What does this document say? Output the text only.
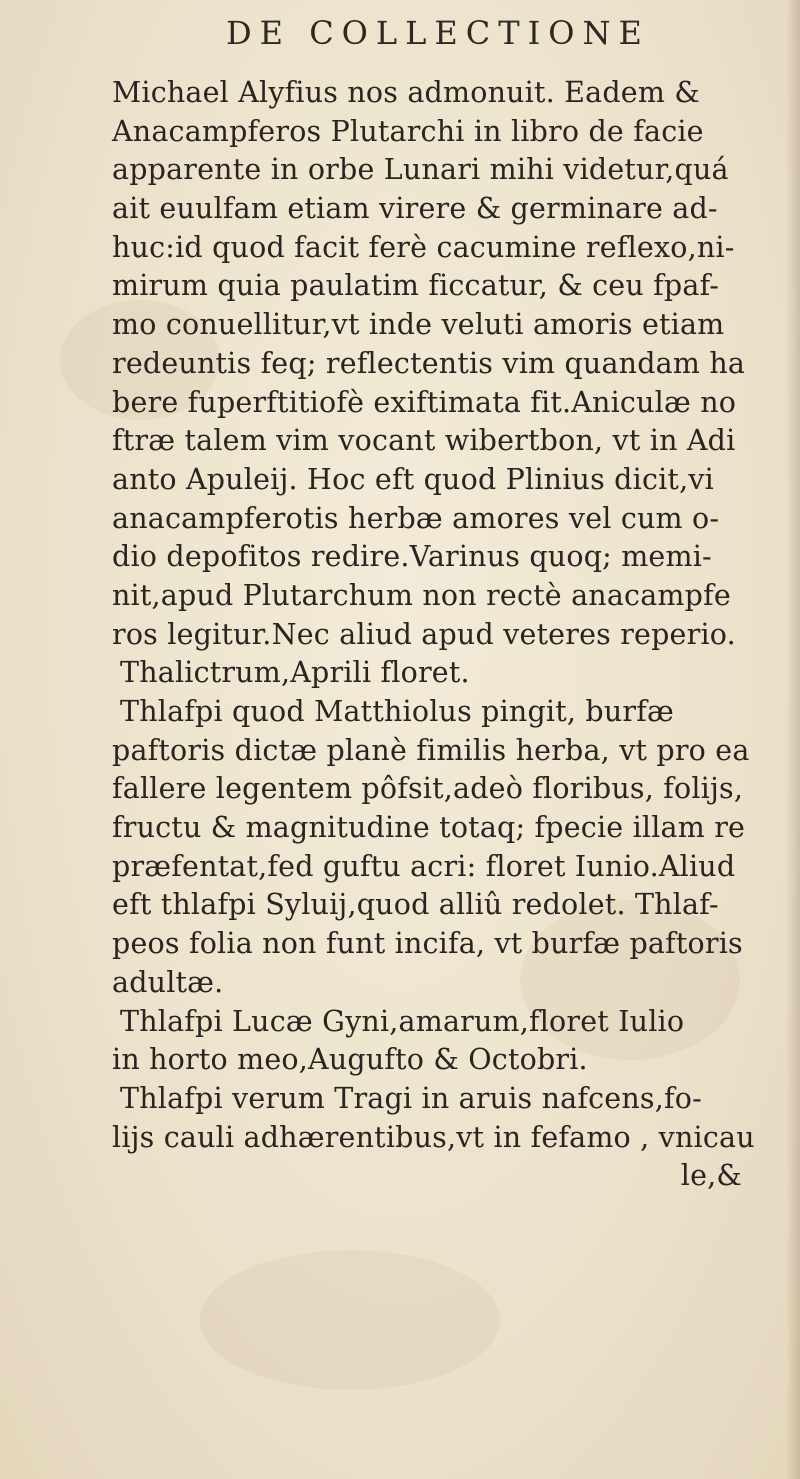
DE COLLECTIONE
Michael Alyfius nos admonuit. Eadem &
Anacampferos Plutarchi in libro de facie
apparente in orbe Lunari mihi videtur,quá
ait euulfam etiam virere & germinare ad-
huc:id quod facit ferè cacumine reflexo,ni-
mirum quia paulatim ficcatur, & ceu fpaf-
mo conuellitur,vt inde veluti amoris etiam
redeuntis feq; reflectentis vim quandam ha
bere fuperftitiofè exiftimata fit.Aniculæ no
ftræ talem vim vocant wibertbon, vt in Adi
anto Apuleij. Hoc eft quod Plinius dicit,vi
anacampferotis herbæ amores vel cum o-
dio depofitos redire.Varinus quoq; memi-
nit,apud Plutarchum non rectè anacampfe
ros legitur.Nec aliud apud veteres reperio.
Thalictrum,Aprili floret.
Thlafpi quod Matthiolus pingit, burfæ
paftoris dictæ planè fimilis herba, vt pro ea
fallere legentem pôfsit,adeò floribus, folijs,
fructu & magnitudine totaq; fpecie illam re
præfentat,fed guftu acri: floret Iunio.Aliud
eft thlafpi Syluij,quod alliû redolet. Thlaf-
peos folia non funt incifa, vt burfæ paftoris
adultæ.
Thlafpi Lucæ Gyni,amarum,floret Iulio
in horto meo,Augufto & Octobri.
Thlafpi verum Tragi in aruis nafcens,fo-
lijs cauli adhærentibus,vt in fefamo , vnicau
le,&
